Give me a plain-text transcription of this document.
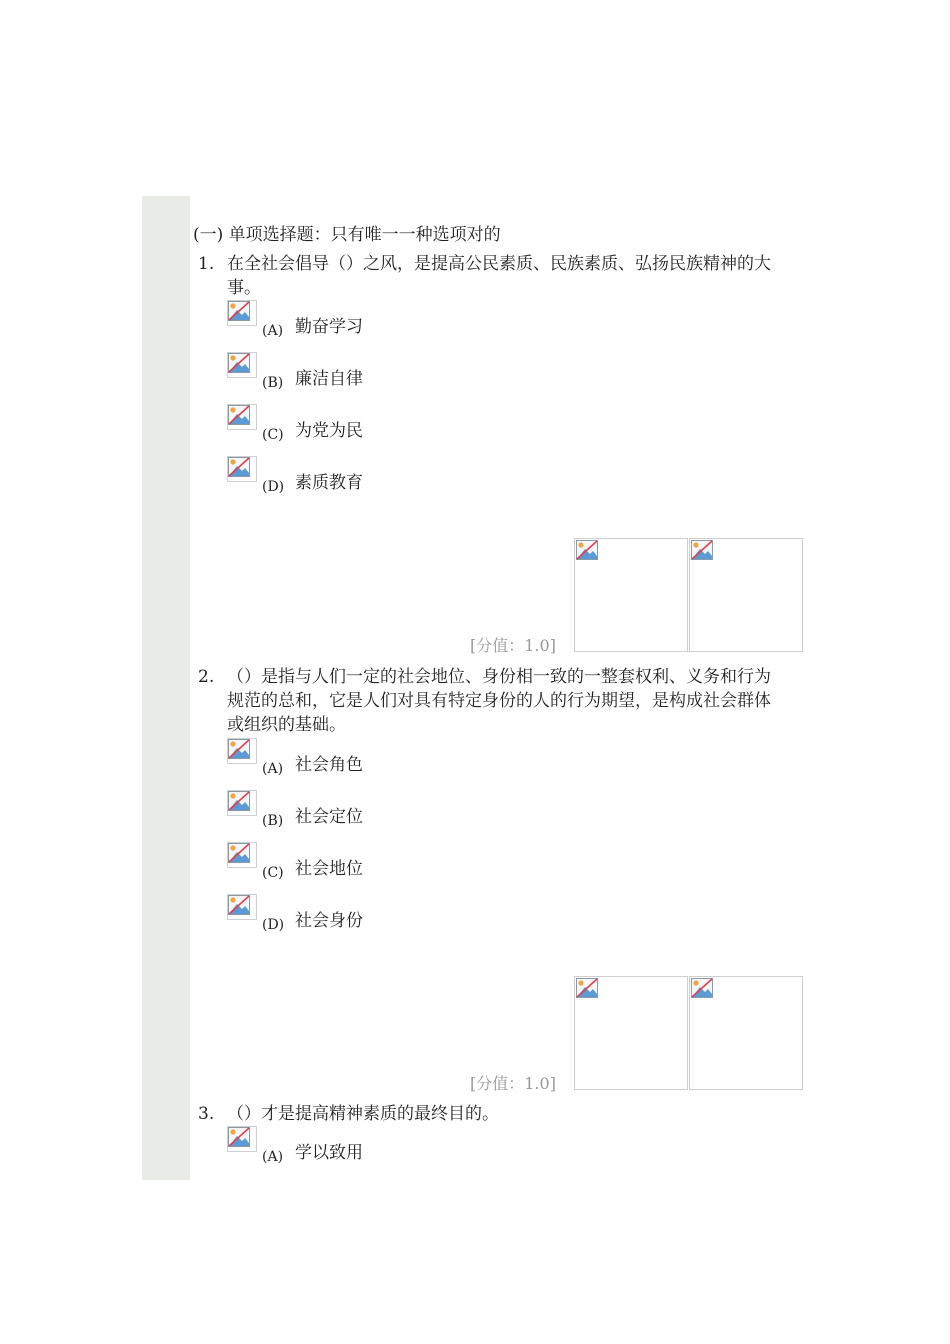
(一) 单项选择题：只有唯一一种选项对的
1. 在全社会倡导（）之风，是提高公民素质、民族素质、弘扬民族精神的大事。
(A) 勤奋学习
(B) 廉洁自律
(C) 为党为民
(D) 素质教育
[分值：1.0]
2. （）是指与人们一定的社会地位、身份相一致的一整套权利、义务和行为规范的总和，它是人们对具有特定身份的人的行为期望，是构成社会群体或组织的基础。
(A) 社会角色
(B) 社会定位
(C) 社会地位
(D) 社会身份
[分值：1.0]
3. （）才是提高精神素质的最终目的。
(A) 学以致用
